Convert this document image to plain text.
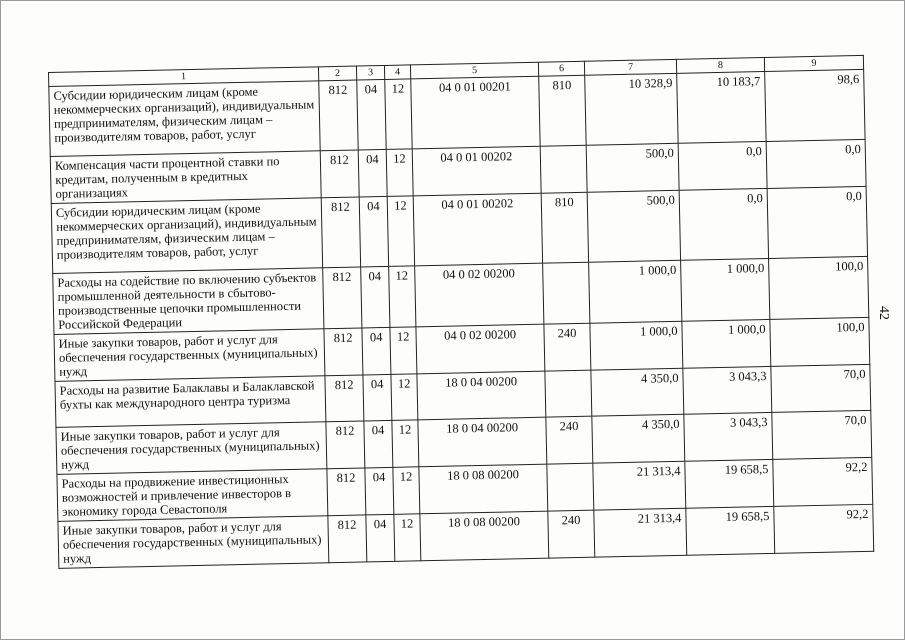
1	2	3	4	5	6	7	8	9
Субсидии юридическим лицам (кроме некоммерческих организаций), индивидуальным предпринимателям, физическим лицам – производителям товаров, работ, услуг	812	04	12	04 0 01 00201	810	10 328,9	10 183,7	98,6
Компенсация части процентной ставки по кредитам, полученным в кредитных организациях	812	04	12	04 0 01 00202		500,0	0,0	0,0
Субсидии юридическим лицам (кроме некоммерческих организаций), индивидуальным предпринимателям, физическим лицам – производителям товаров, работ, услуг	812	04	12	04 0 01 00202	810	500,0	0,0	0,0
Расходы на содействие по включению субъектов промышленной деятельности в сбытово-производственные цепочки промышленности Российской Федерации	812	04	12	04 0 02 00200		1 000,0	1 000,0	100,0
Иные закупки товаров, работ и услуг для обеспечения государственных (муниципальных) нужд	812	04	12	04 0 02 00200	240	1 000,0	1 000,0	100,0
Расходы на развитие Балаклавы и Балаклавской бухты как международного центра туризма	812	04	12	18 0 04 00200		4 350,0	3 043,3	70,0
Иные закупки товаров, работ и услуг для обеспечения государственных (муниципальных) нужд	812	04	12	18 0 04 00200	240	4 350,0	3 043,3	70,0
Расходы на продвижение инвестиционных возможностей и привлечение инвесторов в экономику города Севастополя	812	04	12	18 0 08 00200		21 313,4	19 658,5	92,2
Иные закупки товаров, работ и услуг для обеспечения государственных (муниципальных) нужд	812	04	12	18 0 08 00200	240	21 313,4	19 658,5	92,2
42
